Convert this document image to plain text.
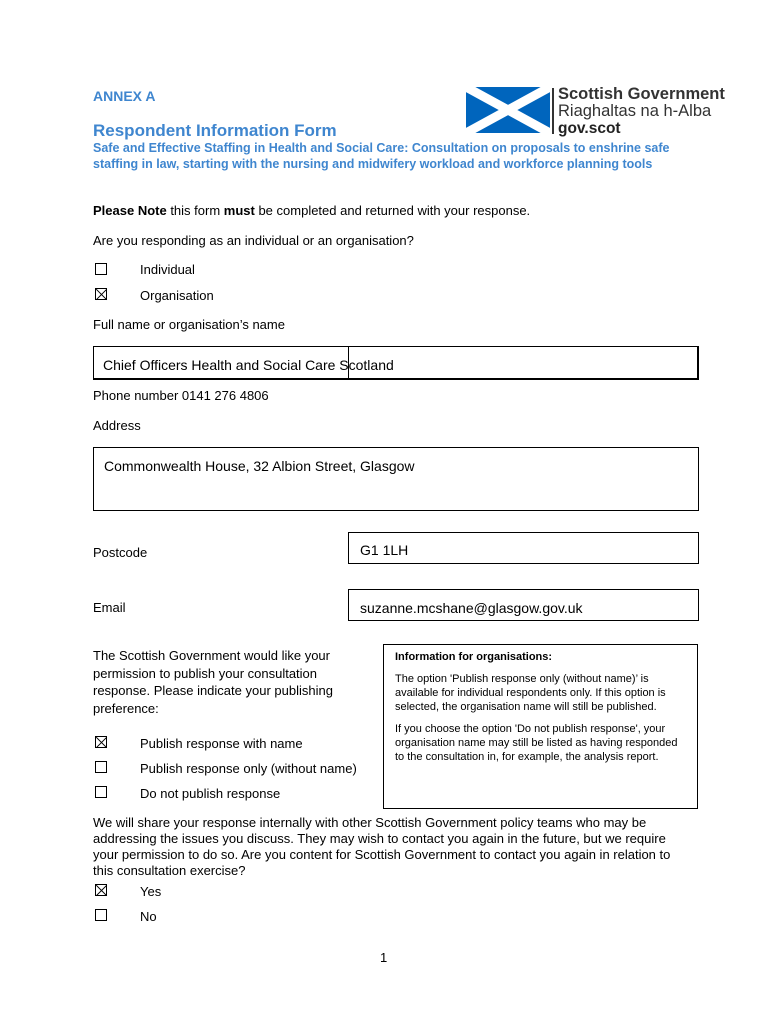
ANNEX A	Scottish Government
Riaghaltas na h-Alba
gov.scot
Respondent Information Form
Safe and Effective Staffing in Health and Social Care: Consultation on proposals to enshrine safe staffing in law, starting with the nursing and midwifery workload and workforce planning tools
Please Note this form must be completed and returned with your response.
Are you responding as an individual or an organisation?
Individual
Organisation
Full name or organisation’s name
Chief Officers Health and Social Care Scotland
Phone number 0141 276 4806
Address
Commonwealth House, 32 Albion Street, Glasgow
Postcode	G1 1LH
Email	suzanne.mcshane@glasgow.gov.uk
The Scottish Government would like your permission to publish your consultation response. Please indicate your publishing preference:
Publish response with name
Publish response only (without name)
Do not publish response

Information for organisations:

The option 'Publish response only (without name)’ is available for individual respondents only. If this option is selected, the organisation name will still be published.

If you choose the option 'Do not publish response', your organisation name may still be listed as having responded to the consultation in, for example, the analysis report.

We will share your response internally with other Scottish Government policy teams who may be addressing the issues you discuss. They may wish to contact you again in the future, but we require your permission to do so. Are you content for Scottish Government to contact you again in relation to this consultation exercise?
Yes
No
1
